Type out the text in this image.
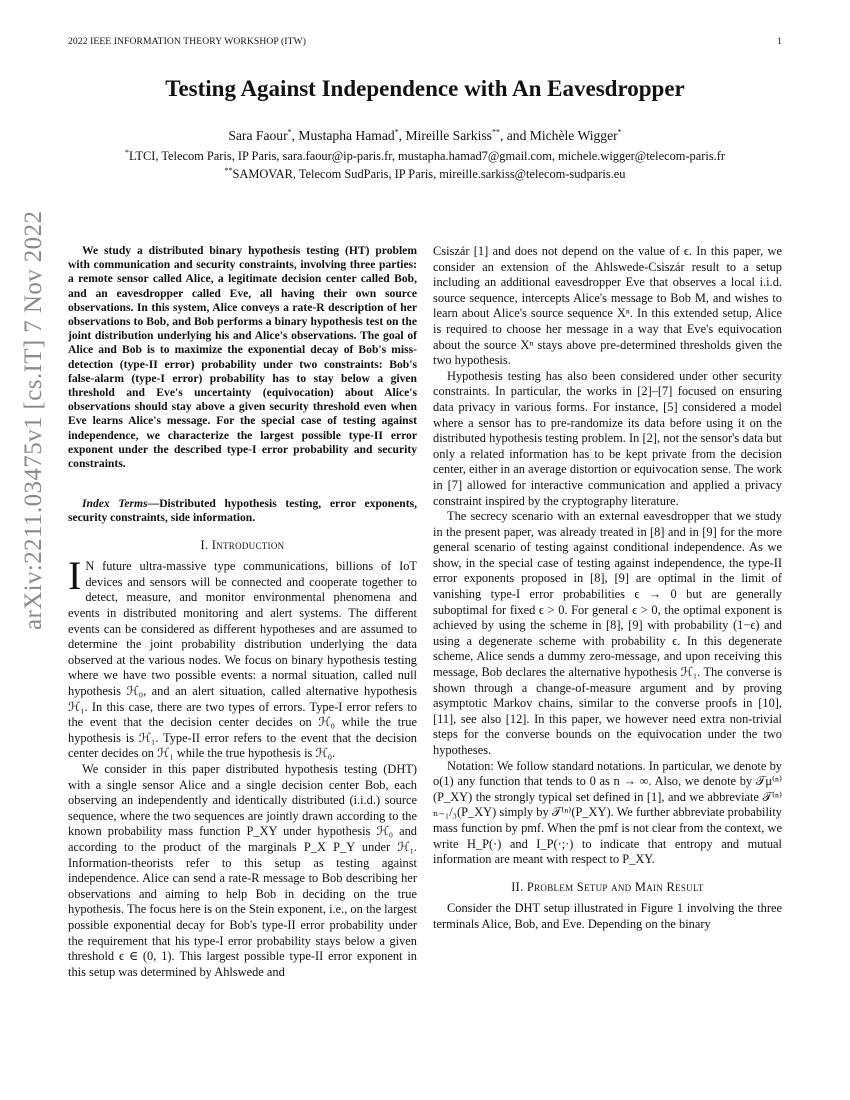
2022 IEEE INFORMATION THEORY WORKSHOP (ITW)	1
arXiv:2211.03475v1 [cs.IT] 7 Nov 2022
Testing Against Independence with An Eavesdropper
Sara Faour*, Mustapha Hamad*, Mireille Sarkiss**, and Michèle Wigger*
*LTCI, Telecom Paris, IP Paris, sara.faour@ip-paris.fr, mustapha.hamad7@gmail.com, michele.wigger@telecom-paris.fr
**SAMOVAR, Telecom SudParis, IP Paris, mireille.sarkiss@telecom-sudparis.eu

We study a distributed binary hypothesis testing (HT) problem with communication and security constraints, involving three parties: a remote sensor called Alice, a legitimate decision center called Bob, and an eavesdropper called Eve, all having their own source observations. In this system, Alice conveys a rate-R description of her observations to Bob, and Bob performs a binary hypothesis test on the joint distribution underlying his and Alice's observations. The goal of Alice and Bob is to maximize the exponential decay of Bob's miss-detection (type-II error) probability under two constraints: Bob's false-alarm (type-I error) probability has to stay below a given threshold and Eve's uncertainty (equivocation) about Alice's observations should stay above a given security threshold even when Eve learns Alice's message. For the special case of testing against independence, we characterize the largest possible type-II error exponent under the described type-I error probability and security constraints.

Index Terms—Distributed hypothesis testing, error exponents, security constraints, side information.

I. Introduction

I N future ultra-massive type communications, billions of IoT devices and sensors will be connected and cooperate together to detect, measure, and monitor environmental phenomena and events in distributed monitoring and alert systems. The different events can be considered as different hypotheses and are assumed to determine the joint probability distribution underlying the data observed at the various nodes. We focus on binary hypothesis testing where we have two possible events: a normal situation, called null hypothesis ℋ₀, and an alert situation, called alternative hypothesis ℋ₁. In this case, there are two types of errors. Type-I error refers to the event that the decision center decides on ℋ₀ while the true hypothesis is ℋ₁. Type-II error refers to the event that the decision center decides on ℋ₁ while the true hypothesis is ℋ₀.

We consider in this paper distributed hypothesis testing (DHT) with a single sensor Alice and a single decision center Bob, each observing an independently and identically distributed (i.i.d.) source sequence, where the two sequences are jointly drawn according to the known probability mass function P_XY under hypothesis ℋ₀ and according to the product of the marginals P_X P_Y under ℋ₁. Information-theorists refer to this setup as testing against independence. Alice can send a rate-R message to Bob describing her observations and aiming to help Bob in deciding on the true hypothesis. The focus here is on the Stein exponent, i.e., on the largest possible exponential decay for Bob's type-II error probability under the requirement that his type-I error probability stays below a given threshold ϵ ∈ (0, 1). This largest possible type-II error exponent in this setup was determined by Ahlswede and

Csiszár [1] and does not depend on the value of ϵ. In this paper, we consider an extension of the Ahlswede-Csiszár result to a setup including an additional eavesdropper Eve that observes a local i.i.d. source sequence, intercepts Alice's message to Bob M, and wishes to learn about Alice's source sequence Xⁿ. In this extended setup, Alice is required to choose her message in a way that Eve's equivocation about the source Xⁿ stays above pre-determined thresholds given the two hypothesis.

Hypothesis testing has also been considered under other security constraints. In particular, the works in [2]–[7] focused on ensuring data privacy in various forms. For instance, [5] considered a model where a sensor has to pre-randomize its data before using it on the distributed hypothesis testing problem. In [2], not the sensor's data but only a related information has to be kept private from the decision center, either in an average distortion or equivocation sense. The work in [7] allowed for interactive communication and applied a privacy constraint inspired by the cryptography literature.

The secrecy scenario with an external eavesdropper that we study in the present paper, was already treated in [8] and in [9] for the more general scenario of testing against conditional independence. As we show, in the special case of testing against independence, the type-II error exponents proposed in [8], [9] are optimal in the limit of vanishing type-I error probabilities ϵ → 0 but are generally suboptimal for fixed ϵ > 0. For general ϵ > 0, the optimal exponent is achieved by using the scheme in [8], [9] with probability (1−ϵ) and using a degenerate scheme with probability ϵ. In this degenerate scheme, Alice sends a dummy zero-message, and upon receiving this message, Bob declares the alternative hypothesis ℋ₁. The converse is shown through a change-of-measure argument and by proving asymptotic Markov chains, similar to the converse proofs in [10], [11], see also [12]. In this paper, we however need extra non-trivial steps for the converse bounds on the equivocation under the two hypotheses.

Notation: We follow standard notations. In particular, we denote by o(1) any function that tends to 0 as n → ∞. Also, we denote by 𝒯μ⁽ⁿ⁾(P_XY) the strongly typical set defined in [1], and we abbreviate 𝒯⁽ⁿ⁾ₙ₋₁/₃(P_XY) simply by 𝒯⁽ⁿ⁾(P_XY). We further abbreviate probability mass function by pmf. When the pmf is not clear from the context, we write H_P(·) and I_P(·;·) to indicate that entropy and mutual information are meant with respect to P_XY.

II. Problem Setup and Main Result

Consider the DHT setup illustrated in Figure 1 involving the three terminals Alice, Bob, and Eve. Depending on the binary
